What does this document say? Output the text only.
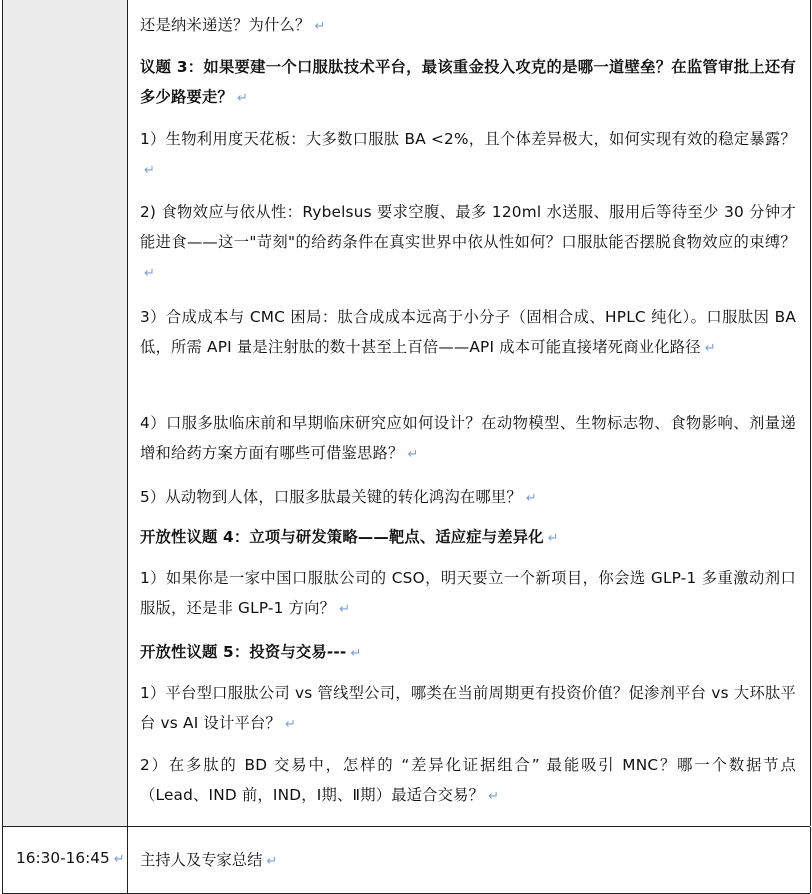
还是纳米递送？为什么？ ↵
议题 3：如果要建一个口服肽技术平台，最该重金投入攻克的是哪一道壁垒？在监管审批上还有多少路要走？ ↵
1）生物利用度天花板：大多数口服肽 BA <2%，且个体差异极大，如何实现有效的稳定暴露？↵
2) 食物效应与依从性：Rybelsus 要求空腹、最多 120ml 水送服、服用后等待至少 30 分钟才能进食——这一"苛刻"的给药条件在真实世界中依从性如何？口服肽能否摆脱食物效应的束缚？↵
3）合成成本与 CMC 困局：肽合成成本远高于小分子（固相合成、HPLC 纯化）。口服肽因 BA 低，所需 API 量是注射肽的数十甚至上百倍——API 成本可能直接堵死商业化路径 ↵
4）口服多肽临床前和早期临床研究应如何设计？在动物模型、生物标志物、食物影响、剂量递增和给药方案方面有哪些可借鉴思路？ ↵
5）从动物到人体，口服多肽最关键的转化鸿沟在哪里？ ↵
开放性议题 4：立项与研发策略——靶点、适应症与差异化 ↵
1）如果你是一家中国口服肽公司的 CSO，明天要立一个新项目，你会选 GLP-1 多重激动剂口服版，还是非 GLP-1 方向？ ↵
开放性议题 5：投资与交易--- ↵
1）平台型口服肽公司 vs 管线型公司，哪类在当前周期更有投资价值？促渗剂平台 vs 大环肽平台 vs AI 设计平台？ ↵
2）在多肽的 BD 交易中，怎样的 “差异化证据组合” 最能吸引 MNC？哪一个数据节点（Lead、IND 前，IND，Ⅰ期、Ⅱ期）最适合交易？ ↵
16:30-16:45 ↵ 主持人及专家总结 ↵
